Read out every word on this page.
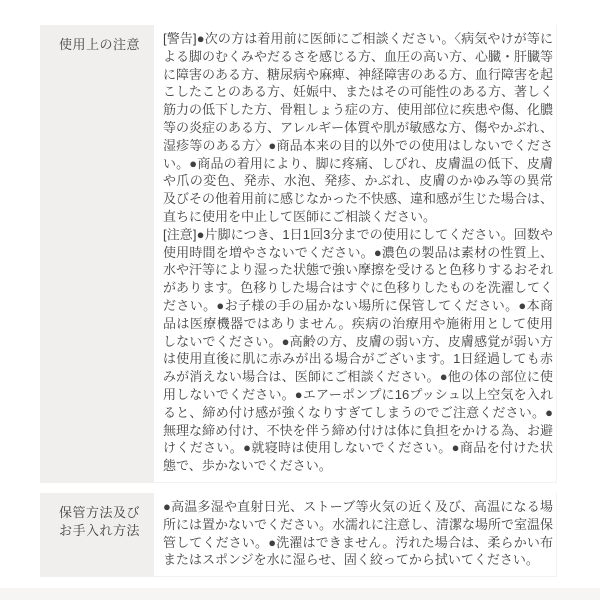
使用上の注意	[警告]●次の方は着用前に医師にご相談ください。〈病気やけが等による脚のむくみやだるさを感じる方、血圧の高い方、心臓・肝臓等に障害のある方、糖尿病や麻痺、神経障害のある方、血行障害を起こしたことのある方、妊娠中、またはその可能性のある方、著しく筋力の低下した方、骨粗しょう症の方、使用部位に疾患や傷、化膿等の炎症のある方、アレルギー体質や肌が敏感な方、傷やかぶれ、湿疹等のある方〉●商品本来の目的以外での使用はしないでください。●商品の着用により、脚に疼痛、しびれ、皮膚温の低下、皮膚や爪の変色、発赤、水泡、発疹、かぶれ、皮膚のかゆみ等の異常及びその他着用前に感じなかった不快感、違和感が生じた場合は、直ちに使用を中止して医師にご相談ください。

[注意]●片脚につき、1日1回3分までの使用にしてください。回数や使用時間を増やさないでください。●濃色の製品は素材の性質上、水や汗等により湿った状態で強い摩擦を受けると色移りするおそれがあります。色移りした場合はすぐに色移りしたものを洗濯してください。●お子様の手の届かない場所に保管してください。●本商品は医療機器ではありません。疾病の治療用や施術用として使用しないでください。●高齢の方、皮膚の弱い方、皮膚感覚が弱い方は使用直後に肌に赤みが出る場合がございます。1日経過しても赤みが消えない場合は、医師にご相談ください。●他の体の部位に使用しないでください。●エアーポンプに16プッシュ以上空気を入れると、締め付け感が強くなりすぎてしまうのでご注意ください。●無理な締め付け、不快を伴う締め付けは体に負担をかける為、お避けください。●就寝時は使用しないでください。●商品を付けた状態で、歩かないでください。

保管方法及び
お手入れ方法

●高温多湿や直射日光、ストーブ等火気の近く及び、高温になる場所には置かないでください。水濡れに注意し、清潔な場所で室温保管してください。●洗濯はできません。汚れた場合は、柔らかい布またはスポンジを水に湿らせ、固く絞ってから拭いてください。
